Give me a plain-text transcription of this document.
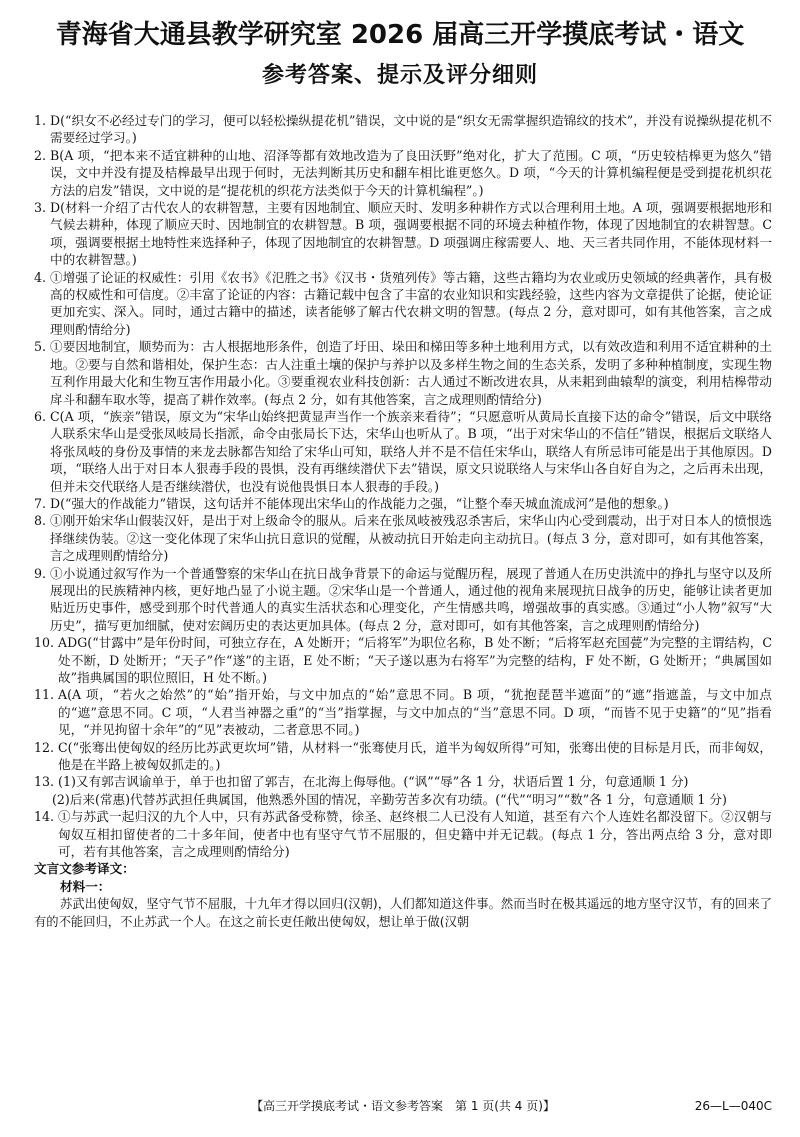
青海省大通县教学研究室 2026 届高三开学摸底考试・语文
参考答案、提示及评分细则
1. D(“织女不必经过专门的学习，便可以轻松操纵提花机”错误，文中说的是“织女无需掌握织造锦纹的技术”，并没有说操纵提花机不需要经过学习。)
2. B(A 项，“把本来不适宜耕种的山地、沼泽等都有效地改造为了良田沃野”绝对化，扩大了范围。C 项，“历史较桔槔更为悠久”错误，文中并没有提及桔槔最早出现于何时，无法判断其历史和翻车相比谁更悠久。D 项，“今天的计算机编程便是受到提花机织花方法的启发”错误，文中说的是“提花机的织花方法类似于今天的计算机编程”。)
3. D(材料一介绍了古代农人的农耕智慧，主要有因地制宜、顺应天时、发明多种耕作方式以合理利用土地。A 项，强调要根据地形和气候去耕种，体现了顺应天时、因地制宜的农耕智慧。B 项，强调要根据不同的环境去种植作物，体现了因地制宜的农耕智慧。C 项，强调要根据土地特性来选择种子，体现了因地制宜的农耕智慧。D 项强调庄稼需要人、地、天三者共同作用，不能体现材料一中的农耕智慧。)
4. ①增强了论证的权威性：引用《农书》《氾胜之书》《汉书・货殖列传》等古籍，这些古籍均为农业或历史领域的经典著作，具有极高的权威性和可信度。②丰富了论证的内容：古籍记载中包含了丰富的农业知识和实践经验，这些内容为文章提供了论据，使论证更加充实、深入。同时，通过古籍中的描述，读者能够了解古代农耕文明的智慧。(每点 2 分，意对即可，如有其他答案，言之成理则酌情给分)
5. ①要因地制宜，顺势而为：古人根据地形条件，创造了圩田、垛田和梯田等多种土地利用方式，以有效改造和利用不适宜耕种的土地。②要与自然和谐相处，保护生态：古人注重土壤的保护与养护以及多样生物之间的生态关系，发明了多种种植制度，实现生物互利作用最大化和生物互害作用最小化。③要重视农业科技创新：古人通过不断改进农具，从耒耜到曲辕犁的演变，利用桔槔带动戽斗和翻车取水等，提高了耕作效率。(每点 2 分，如有其他答案，言之成理则酌情给分)
6. C(A 项，“族亲”错误，原文为“宋华山始终把黄显声当作一个族亲来看待”；“只愿意听从黄局长直接下达的命令”错误，后文中联络人联系宋华山是受张凤岐局长指派，命令由张局长下达，宋华山也听从了。B 项，“出于对宋华山的不信任”错误，根据后文联络人将张凤岐的身份及事情的来龙去脉都告知给了宋华山可知，联络人并不是不信任宋华山，联络人有所忌讳可能是出于其他原因。D 项，“联络人出于对日本人狠毒手段的畏惧，没有再继续潜伏下去”错误，原文只说联络人与宋华山各自好自为之，之后再未出现，但并未交代联络人是否继续潜伏，也没有说他畏惧日本人狠毒的手段。)
7. D(“强大的作战能力”错误，这句话并不能体现出宋华山的作战能力之强，“让整个奉天城血流成河”是他的想象。)
8. ①刚开始宋华山假装汉奸，是出于对上级命令的服从。后来在张凤岐被残忍杀害后，宋华山内心受到震动，出于对日本人的愤恨选择继续伪装。②这一变化体现了宋华山抗日意识的觉醒，从被动抗日开始走向主动抗日。(每点 3 分，意对即可，如有其他答案，言之成理则酌情给分)
9. ①小说通过叙写作为一个普通警察的宋华山在抗日战争背景下的命运与觉醒历程，展现了普通人在历史洪流中的挣扎与坚守以及所展现出的民族精神内核，更好地凸显了小说主题。②宋华山是一个普通人，通过他的视角来展现抗日战争的历史，能够让读者更加贴近历史事件，感受到那个时代普通人的真实生活状态和心理变化，产生情感共鸣，增强故事的真实感。③通过“小人物”叙写“大历史”，描写更加细腻，使对宏阔历史的表达更加具体。(每点 2 分，意对即可，如有其他答案，言之成理则酌情给分)
10. ADG(“甘露中”是年份时间，可独立存在，A 处断开；“后将军”为职位名称，B 处不断；“后将军赵充国甍”为完整的主谓结构，C 处不断，D 处断开；“天子”作“遂”的主语，E 处不断；“天子遂以惠为右将军”为完整的结构，F 处不断，G 处断开；“典属国如故”指典属国的职位照旧，H 处不断。)
11. A(A 项，“若火之始然”的“始”指开始，与文中加点的“始”意思不同。B 项，“犹抱琵琶半遮面”的“遮”指遮盖，与文中加点的“遮”意思不同。C 项，“人君当神器之重”的“当”指掌握，与文中加点的“当”意思不同。D 项，“而皆不见于史籍”的“见”指看见，“并见拘留十余年”的“见”表被动，二者意思不同。)
12. C(“张骞出使匈奴的经历比苏武更坎坷”错，从材料一“张骞使月氏，道半为匈奴所得”可知，张骞出使的目标是月氏，而非匈奴，他是在半路上被匈奴抓走的。)
13. (1)又有郭吉讽谕单于，单于也扣留了郭吉，在北海上侮辱他。(“讽”“辱”各 1 分，状语后置 1 分，句意通顺 1 分)
(2)后来(常惠)代替苏武担任典属国，他熟悉外国的情况，辛勤劳苦多次有功绩。(“代”“明习”“数”各 1 分，句意通顺 1 分)
14. ①与苏武一起归汉的九个人中，只有苏武备受称赞，徐圣、赵终根二人已没有人知道，甚至有六个人连姓名都没留下。②汉朝与匈奴互相扣留使者的二十多年间，使者中也有坚守气节不屈服的，但史籍中并无记载。(每点 1 分，答出两点给 3 分，意对即可，若有其他答案，言之成理则酌情给分)
文言文参考译文：
材料一：
苏武出使匈奴，坚守气节不屈服，十九年才得以回归(汉朝)，人们都知道这件事。然而当时在极其遥远的地方坚守汉节，有的回来了有的不能回归，不止苏武一个人。在这之前长吏任敞出使匈奴，想让单于做(汉朝
【高三开学摸底考试・语文参考答案　第 1 页(共 4 页)】	26—L—040C
